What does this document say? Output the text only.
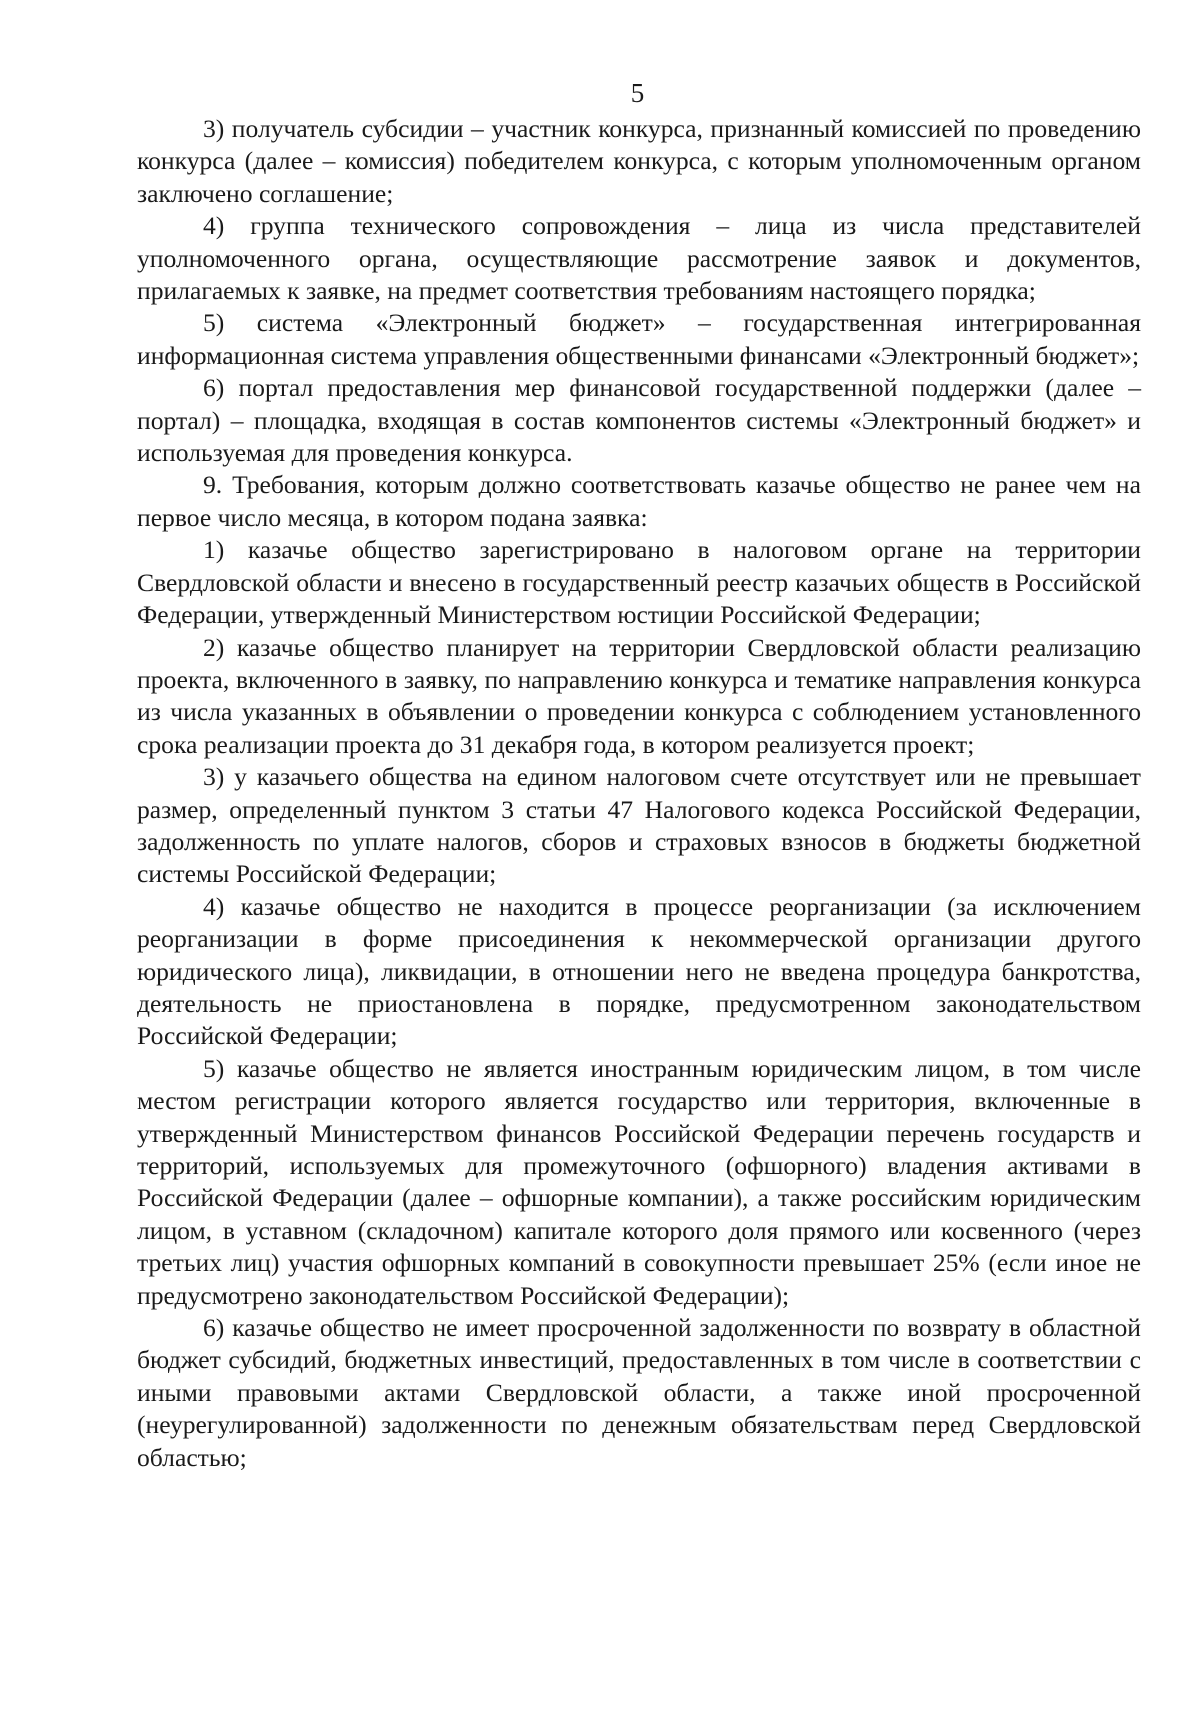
5

3) получатель субсидии – участник конкурса, признанный комиссией по проведению конкурса (далее – комиссия) победителем конкурса, с которым уполномоченным органом заключено соглашение;

4) группа технического сопровождения – лица из числа представителей уполномоченного органа, осуществляющие рассмотрение заявок и документов, прилагаемых к заявке, на предмет соответствия требованиям настоящего порядка;

5) система «Электронный бюджет» – государственная интегрированная информационная система управления общественными финансами «Электронный бюджет»;

6) портал предоставления мер финансовой государственной поддержки (далее – портал) – площадка, входящая в состав компонентов системы «Электронный бюджет» и используемая для проведения конкурса.

9. Требования, которым должно соответствовать казачье общество не ранее чем на первое число месяца, в котором подана заявка:

1) казачье общество зарегистрировано в налоговом органе на территории Свердловской области и внесено в государственный реестр казачьих обществ в Российской Федерации, утвержденный Министерством юстиции Российской Федерации;

2) казачье общество планирует на территории Свердловской области реализацию проекта, включенного в заявку, по направлению конкурса и тематике направления конкурса из числа указанных в объявлении о проведении конкурса с соблюдением установленного срока реализации проекта до 31 декабря года, в котором реализуется проект;

3) у казачьего общества на едином налоговом счете отсутствует или не превышает размер, определенный пунктом 3 статьи 47 Налогового кодекса Российской Федерации, задолженность по уплате налогов, сборов и страховых взносов в бюджеты бюджетной системы Российской Федерации;

4) казачье общество не находится в процессе реорганизации (за исключением реорганизации в форме присоединения к некоммерческой организации другого юридического лица), ликвидации, в отношении него не введена процедура банкротства, деятельность не приостановлена в порядке, предусмотренном законодательством Российской Федерации;

5) казачье общество не является иностранным юридическим лицом, в том числе местом регистрации которого является государство или территория, включенные в утвержденный Министерством финансов Российской Федерации перечень государств и территорий, используемых для промежуточного (офшорного) владения активами в Российской Федерации (далее – офшорные компании), а также российским юридическим лицом, в уставном (складочном) капитале которого доля прямого или косвенного (через третьих лиц) участия офшорных компаний в совокупности превышает 25% (если иное не предусмотрено законодательством Российской Федерации);

6) казачье общество не имеет просроченной задолженности по возврату в областной бюджет субсидий, бюджетных инвестиций, предоставленных в том числе в соответствии с иными правовыми актами Свердловской области, а также иной просроченной (неурегулированной) задолженности по денежным обязательствам перед Свердловской областью;
